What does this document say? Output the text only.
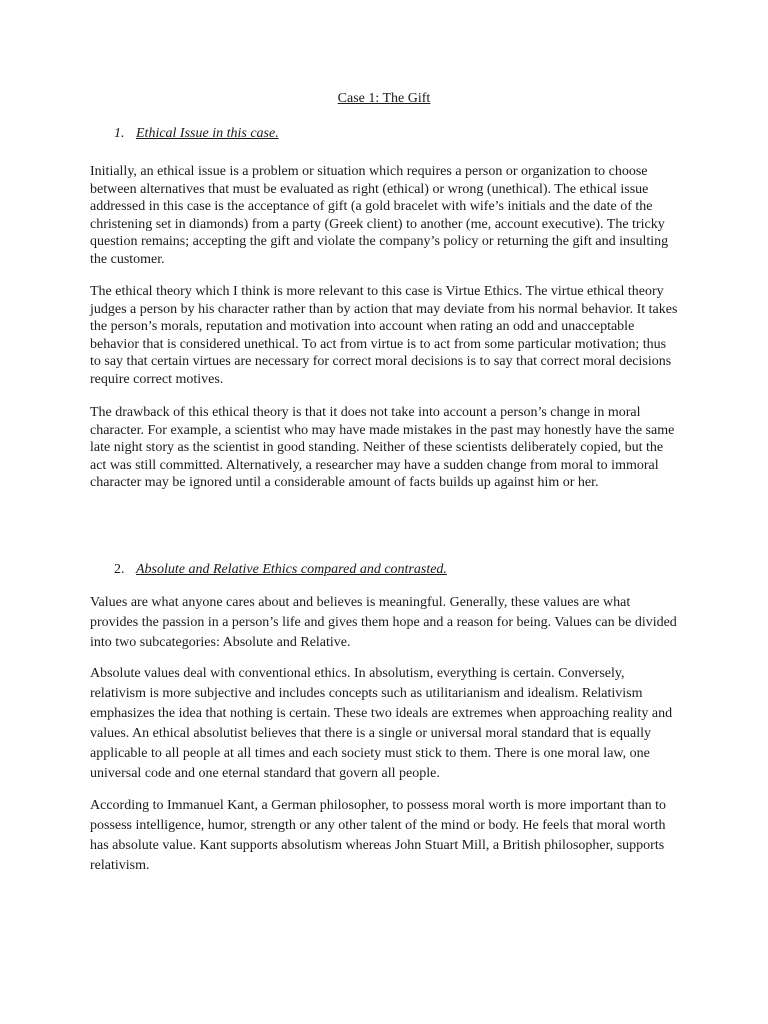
Case 1: The Gift
1. Ethical Issue in this case.

Initially, an ethical issue is a problem or situation which requires a person or organization to choose between alternatives that must be evaluated as right (ethical) or wrong (unethical). The ethical issue addressed in this case is the acceptance of gift (a gold bracelet with wife’s initials and the date of the christening set in diamonds) from a party (Greek client) to another (me, account executive). The tricky question remains; accepting the gift and violate the company’s policy or returning the gift and insulting the customer.

The ethical theory which I think is more relevant to this case is Virtue Ethics. The virtue ethical theory judges a person by his character rather than by action that may deviate from his normal behavior. It takes the person’s morals, reputation and motivation into account when rating an odd and unacceptable behavior that is considered unethical. To act from virtue is to act from some particular motivation; thus to say that certain virtues are necessary for correct moral decisions is to say that correct moral decisions require correct motives.

The drawback of this ethical theory is that it does not take into account a person’s change in moral character. For example, a scientist who may have made mistakes in the past may honestly have the same late night story as the scientist in good standing. Neither of these scientists deliberately copied, but the act was still committed. Alternatively, a researcher may have a sudden change from moral to immoral character may be ignored until a considerable amount of facts builds up against him or her.

2. Absolute and Relative Ethics compared and contrasted.

Values are what anyone cares about and believes is meaningful. Generally, these values are what provides the passion in a person’s life and gives them hope and a reason for being. Values can be divided into two subcategories: Absolute and Relative.

Absolute values deal with conventional ethics. In absolutism, everything is certain. Conversely, relativism is more subjective and includes concepts such as utilitarianism and idealism. Relativism emphasizes the idea that nothing is certain. These two ideals are extremes when approaching reality and values. An ethical absolutist believes that there is a single or universal moral standard that is equally applicable to all people at all times and each society must stick to them. There is one moral law, one universal code and one eternal standard that govern all people.

According to Immanuel Kant, a German philosopher, to possess moral worth is more important than to possess intelligence, humor, strength or any other talent of the mind or body. He feels that moral worth has absolute value. Kant supports absolutism whereas John Stuart Mill, a British philosopher, supports relativism.
